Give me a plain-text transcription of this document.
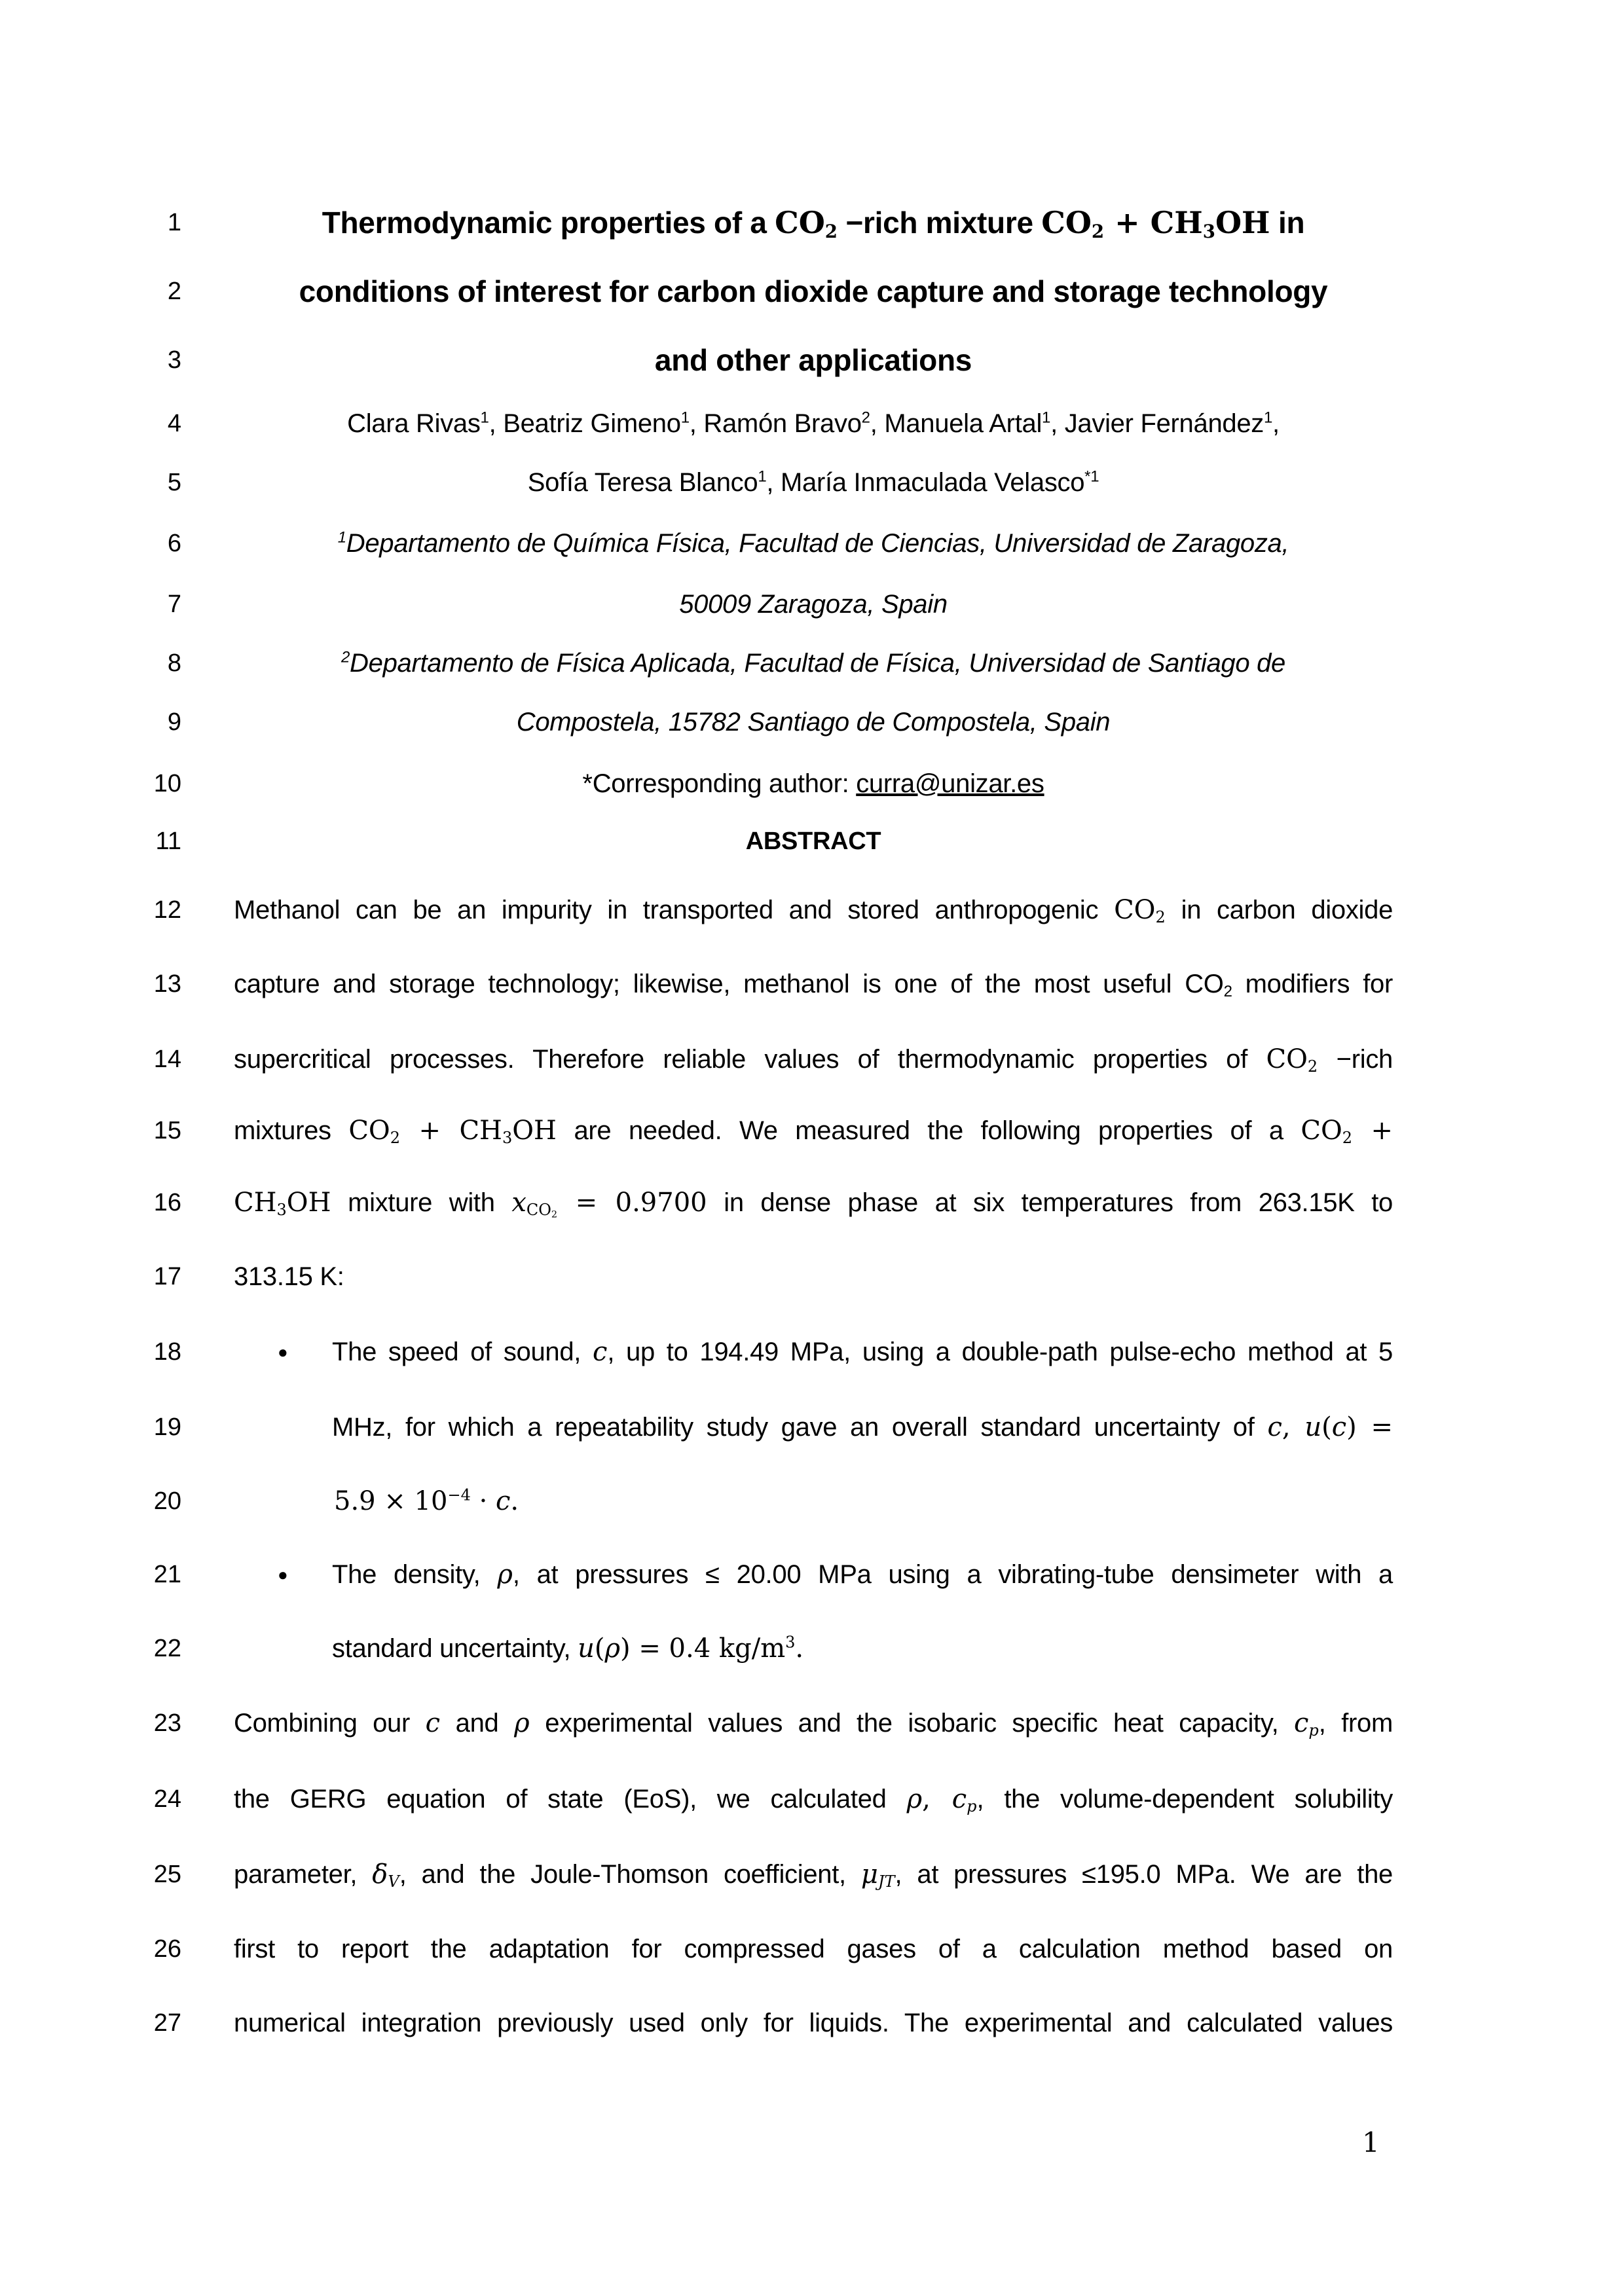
1
1	Thermodynamic properties of a $CO_2$ −rich mixture $CO_2 + CH_3OH$ in
2	conditions of interest for carbon dioxide capture and storage technology
3	and other applications
4	Clara Rivas$^1$, Beatriz Gimeno$^1$, Ramón Bravo$^2$, Manuela Artal$^1$, Javier Fernández$^1$,
5	Sofía Teresa Blanco$^1$, María Inmaculada Velasco$^{*1}$
6	$^1$Departamento de Química Física, Facultad de Ciencias, Universidad de Zaragoza,
7	50009 Zaragoza, Spain
8	$^2$Departamento de Física Aplicada, Facultad de Física, Universidad de Santiago de
9	Compostela, 15782 Santiago de Compostela, Spain
10	*Corresponding author: curra@unizar.es
11	ABSTRACT
12 Methanol can be an impurity in transported and stored anthropogenic $CO_2$ in carbon dioxide
13 capture and storage technology; likewise, methanol is one of the most useful $CO_2$ modifiers for
14 supercritical processes. Therefore reliable values of thermodynamic properties of $CO_2$ −rich
15 mixtures $CO_2 + CH_3OH$ are needed. We measured the following properties of a $CO_2$ +
16 $CH_3OH$ mixture with $x_{CO_2} = 0.9700$ in dense phase at six temperatures from 263.15K to
17 313.15 K:
18	● The speed of sound, c, up to 194.49 MPa, using a double-path pulse-echo method at 5
19	MHz, for which a repeatability study gave an overall standard uncertainty of c, u(c) =
20	$5.9 \times 10^{-4} \cdot c$.
21	● The density, ρ, at pressures ≤ 20.00 MPa using a vibrating-tube densimeter with a
22	standard uncertainty, u(ρ) = 0.4 $kg/m^3$.
23 Combining our c and ρ experimental values and the isobaric specific heat capacity, $c_p$, from
24 the GERG equation of state (EoS), we calculated ρ, $c_p$, the volume-dependent solubility
25 parameter, $\delta_V$, and the Joule-Thomson coefficient, $\mu_{JT}$, at pressures ≤195.0 MPa. We are the
26 first to report the adaptation for compressed gases of a calculation method based on
27 numerical integration previously used only for liquids. The experimental and calculated values
